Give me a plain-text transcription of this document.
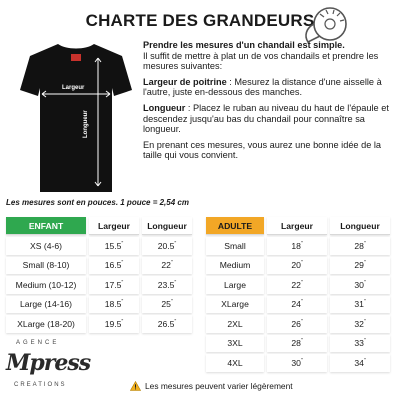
CHARTE DES GRANDEURS
Largeur
Longueur

Prendre les mesures d'un chandail est simple.
Il suffit de mettre à plat un de vos chandails et prendre les mesures suivantes:

Largeur de poitrine : Mesurez la distance d'une aisselle à l'autre, juste en-dessous des manches.

Longueur : Placez le ruban au niveau du haut de l'épaule et descendez jusqu'au bas du chandail pour connaître sa longueur.

En prenant ces mesures, vous aurez une bonne idée de la taille qui vous convient.

Les mesures sont en pouces. 1 pouce = 2,54 cm
ENFANT	Largeur	Longueur
XS (4-6)	15.5"	20.5"
Small (8-10)	16.5"	22"
Medium (10-12)	17.5"	23.5"
Large (14-16)	18.5"	25"
XLarge (18-20)	19.5"	26.5"
ADULTE	Largeur	Longueur
Small	18"	28"
Medium	20"	29"
Large	22"	30"
XLarge	24"	31"
2XL	26"	32"
3XL	28"	33"
4XL	30"	34"
AGENCE
Mpress
CREATIONS	Les mesures peuvent varier légèrement
